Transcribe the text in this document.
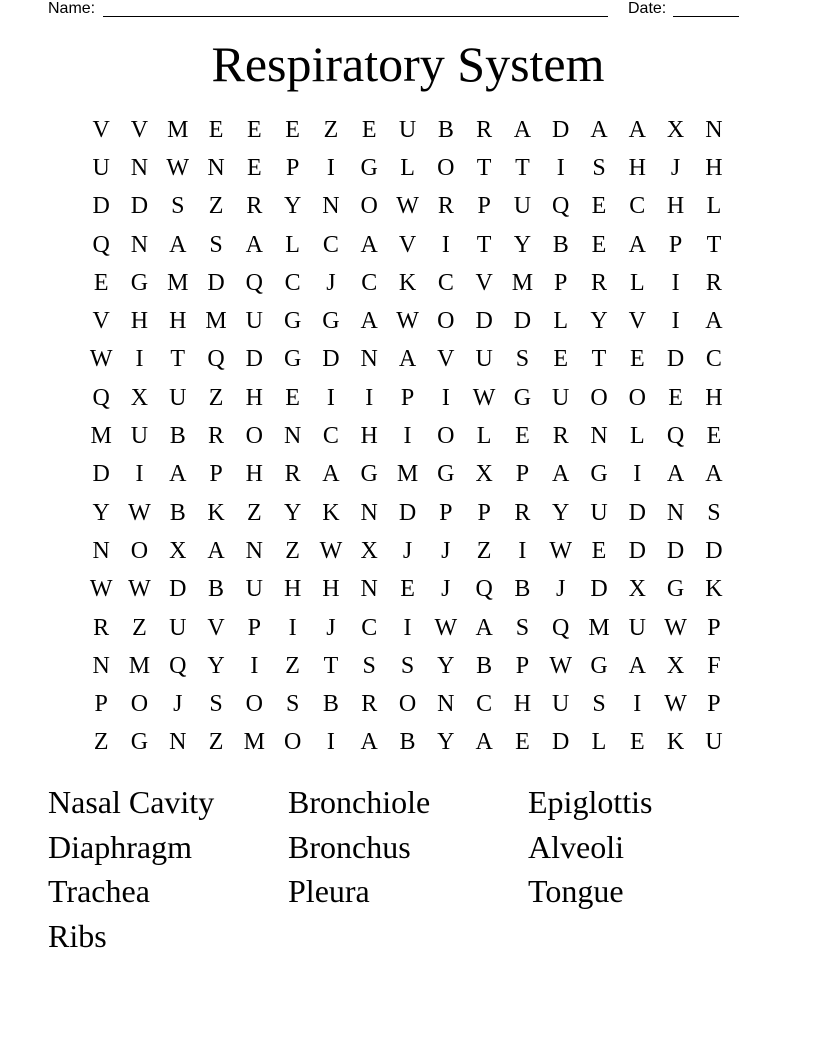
Name:	Date:
Respiratory System
V V M E E E Z E U B R A D A A X N
U N W N E	P	I	G L O T T	I	S H	J	H
D D S	Z R Y N O W R P U Q E C H L
Q N A S A L C A V	I	T Y B E A P	T
E G M D Q C	J	C K C V M P R L	I	R
V H H M U G G A W O D D L Y V	I	A
W I	T Q D G D N A V U S	E T E D C
Q X U Z H E	I	I	P	I W G U O O E H
M U B R O N C H	I	O L E R N L Q E
D	I	A P H R A G M G X P A G	I	A A
Y W B K Z Y K N D P	P R Y U D N S
N O X A N Z W X	J	J	Z	I W E D D D
W W D B U H H N E	J	Q B	J	D X G K
R Z U V P	I	J	C	I W A S Q M U W P
N M Q Y	I	Z T	S	S Y B P W G A X F
P O	J	S O S B R O N C H U S	I W P
Z G N Z M O	I	A B Y A E D L E K U
Nasal Cavity	Bronchiole	Epiglottis
Diaphragm	Bronchus	Alveoli
Trachea	Pleura	Tongue
Ribs
